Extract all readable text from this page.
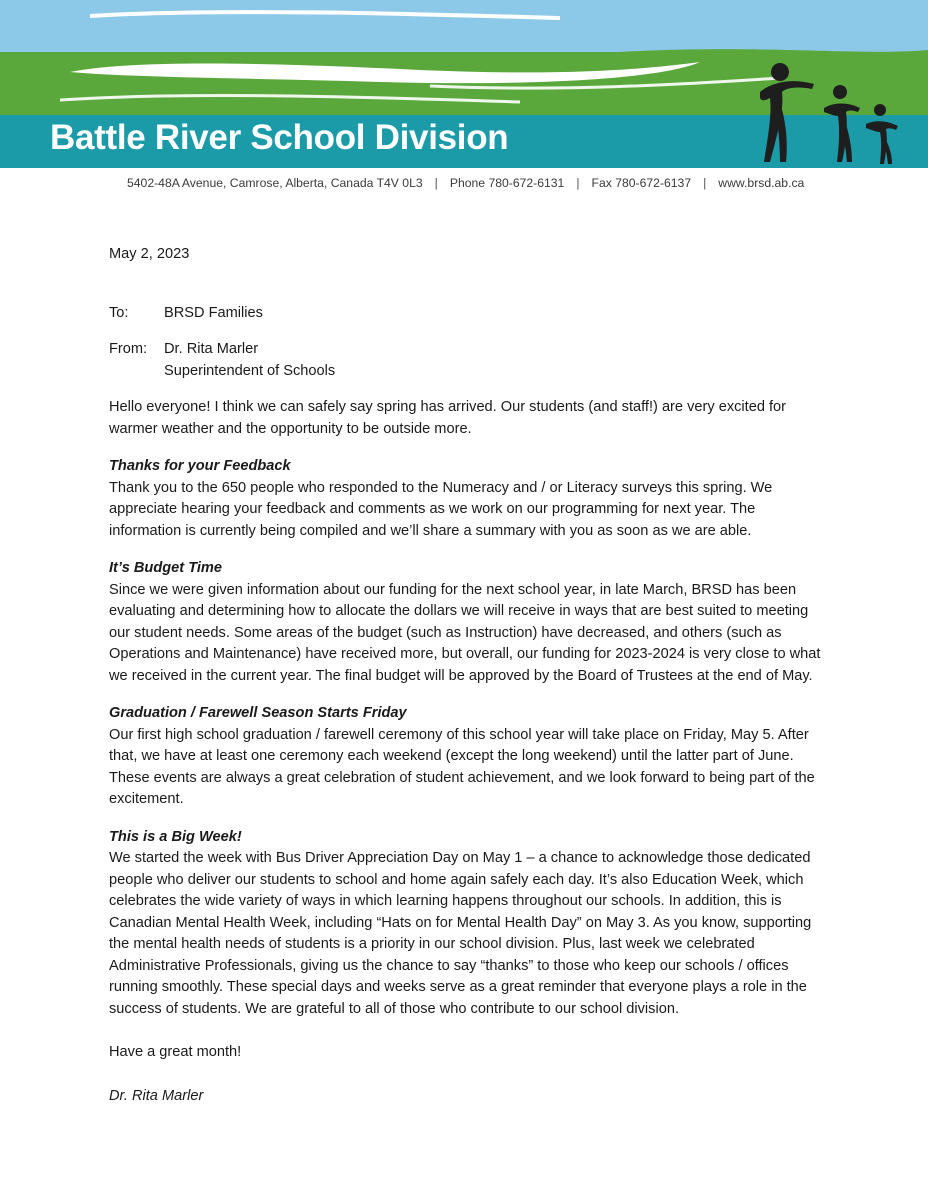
Battle River School Division
5402-48A Avenue, Camrose, Alberta, Canada T4V 0L3 | Phone 780-672-6131 | Fax 780-672-6137 | www.brsd.ab.ca

May 2, 2023

To:	BRSD Families
From:	Dr. Rita Marler
Superintendent of Schools

Hello everyone! I think we can safely say spring has arrived. Our students (and staff!) are very excited for warmer weather and the opportunity to be outside more.

Thanks for your Feedback

Thank you to the 650 people who responded to the Numeracy and / or Literacy surveys this spring. We appreciate hearing your feedback and comments as we work on our programming for next year. The information is currently being compiled and we’ll share a summary with you as soon as we are able.

It’s Budget Time

Since we were given information about our funding for the next school year, in late March, BRSD has been evaluating and determining how to allocate the dollars we will receive in ways that are best suited to meeting our student needs. Some areas of the budget (such as Instruction) have decreased, and others (such as Operations and Maintenance) have received more, but overall, our funding for 2023-2024 is very close to what we received in the current year. The final budget will be approved by the Board of Trustees at the end of May.

Graduation / Farewell Season Starts Friday

Our first high school graduation / farewell ceremony of this school year will take place on Friday, May 5. After that, we have at least one ceremony each weekend (except the long weekend) until the latter part of June. These events are always a great celebration of student achievement, and we look forward to being part of the excitement.

This is a Big Week!

We started the week with Bus Driver Appreciation Day on May 1 – a chance to acknowledge those dedicated people who deliver our students to school and home again safely each day. It’s also Education Week, which celebrates the wide variety of ways in which learning happens throughout our schools. In addition, this is Canadian Mental Health Week, including “Hats on for Mental Health Day” on May 3. As you know, supporting the mental health needs of students is a priority in our school division. Plus, last week we celebrated Administrative Professionals, giving us the chance to say “thanks” to those who keep our schools / offices running smoothly. These special days and weeks serve as a great reminder that everyone plays a role in the success of students. We are grateful to all of those who contribute to our school division.

Have a great month!

Dr. Rita Marler
